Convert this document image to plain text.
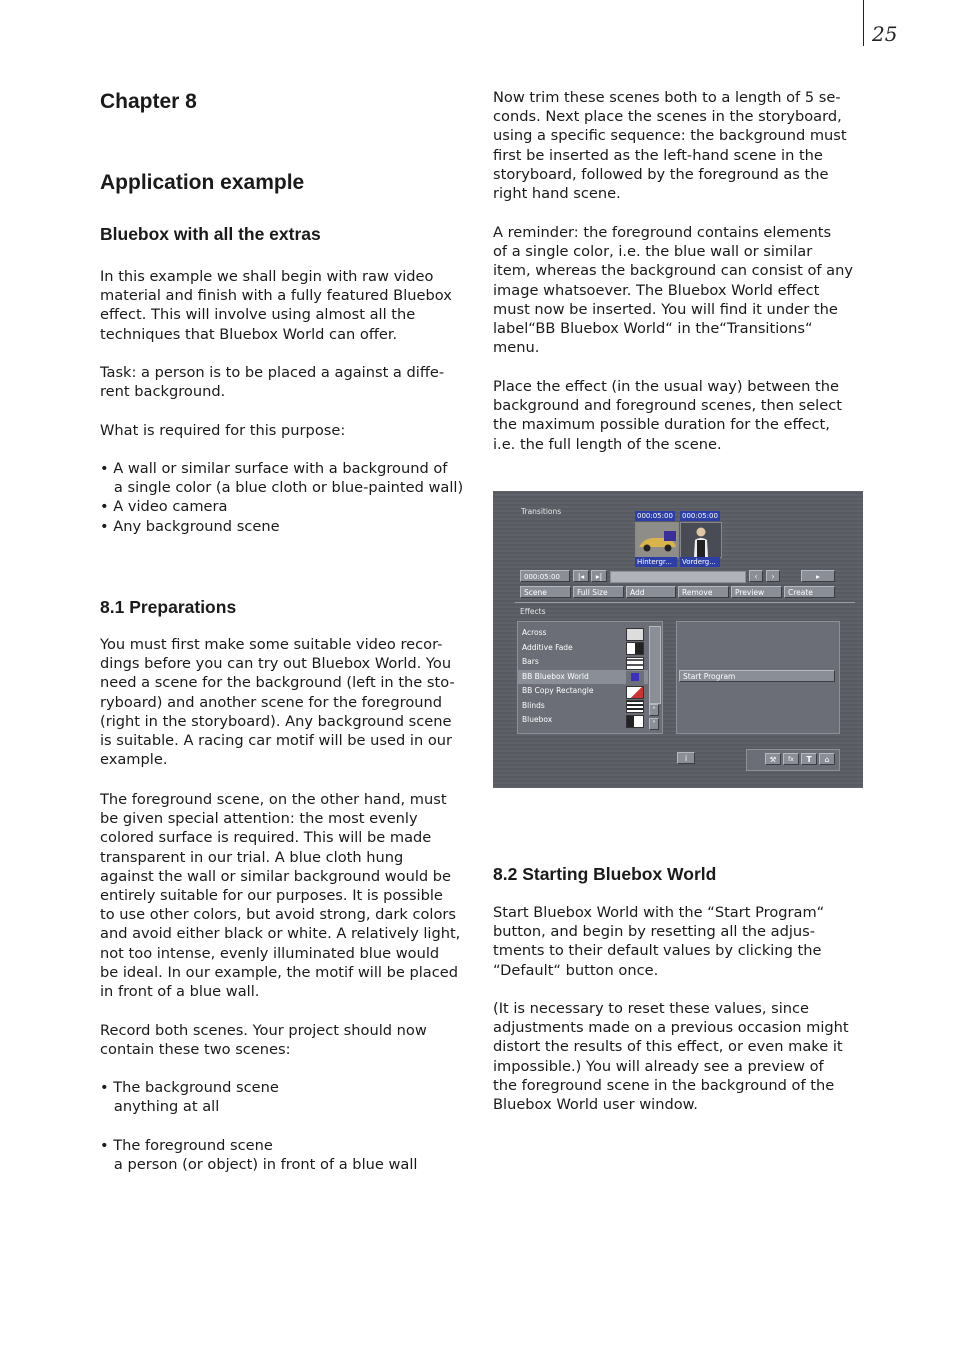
25
Chapter 8
Application example
Bluebox with all the extras

In this example we shall begin with raw video
material and finish with a fully featured Bluebox
effect. This will involve using almost all the
techniques that Bluebox World can offer.

Task: a person is to be placed a against a diffe-
rent background.

What is required for this purpose:

• A wall or similar surface with a background of
a single color (a blue cloth or blue-painted wall)
• A video camera
• Any background scene

8.1 Preparations

You must first make some suitable video recor-
dings before you can try out Bluebox World. You
need a scene for the background (left in the sto-
ryboard) and another scene for the foreground
(right in the storyboard). Any background scene
is suitable. A racing car motif will be used in our
example.

The foreground scene, on the other hand, must
be given special attention: the most evenly
colored surface is required. This will be made
transparent in our trial. A blue cloth hung
against the wall or similar background would be
entirely suitable for our purposes. It is possible
to use other colors, but avoid strong, dark colors
and avoid either black or white. A relatively light,
not too intense, evenly illuminated blue would
be ideal. In our example, the motif will be placed
in front of a blue wall.

Record both scenes. Your project should now
contain these two scenes:

• The background scene
anything at all

• The foreground scene
a person (or object) in front of a blue wall

Now trim these scenes both to a length of 5 se-
conds. Next place the scenes in the storyboard,
using a specific sequence: the background must
first be inserted as the left-hand scene in the
storyboard, followed by the foreground as the
right hand scene.

A reminder: the foreground contains elements
of a single color, i.e. the blue wall or similar
item, whereas the background can consist of any
image whatsoever. The Bluebox World effect
must now be inserted. You will find it under the
label“BB Bluebox World“ in the“Transitions“
menu.

Place the effect (in the usual way) between the
background and foreground scenes, then select
the maximum possible duration for the effect,
i.e. the full length of the scene.

8.2 Starting Bluebox World

Start Bluebox World with the “Start Program“
button, and begin by resetting all the adjus-
tments to their default values by clicking the
“Default“ button once.

(It is necessary to reset these values, since
adjustments made on a previous occasion might
distort the results of this effect, or even make it
impossible.) You will already see a preview of
the foreground scene in the background of the
Bluebox World user window.

Transitions	000:05:00 000:05:00
Hintergr...	Vorderg...
000:05:00	|◂	▸|	‹	›	▸
Scene	Full Size	Add	Remove	Preview	Create
Effects
Across
Additive Fade
Bars
BB Bluebox World
BB Copy Rectangle
Blinds
Bluebox
˄
˅
Start Program
i	⚒	fx	T	⌂
